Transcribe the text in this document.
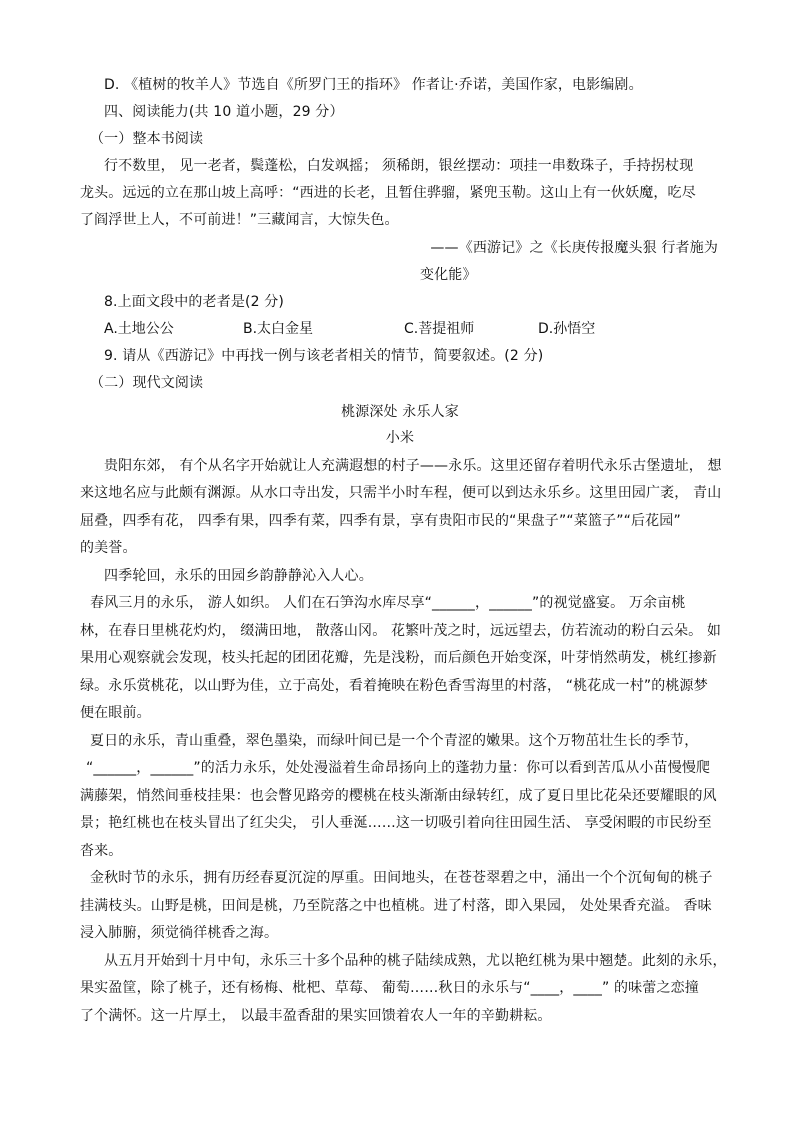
D. 《植树的牧羊人》节选自《所罗门王的指环》 作者让·乔诺，美国作家，电影编剧。
四、阅读能力(共 10 道小题，29 分）
（一）整本书阅读
行不数里， 见一老者，鬓蓬松，白发飒摇； 须稀朗，银丝摆动：项挂一串数珠子，手持拐杖现
龙头。远远的立在那山坡上高呼：“西进的长老，且暂住骅骝，紧兜玉勒。这山上有一伙妖魔，吃尽
了阎浮世上人，不可前进！”三藏闻言，大惊失色。
——《西游记》之《长庚传报魔头狠 行者施为
变化能》
8.上面文段中的老者是(2 分)
A.土地公公	B.太白金星	C.菩提祖师	D.孙悟空
9. 请从《西游记》中再找一例与该老者相关的情节，简要叙述。(2 分)
（二）现代文阅读
桃源深处 永乐人家
小米
贵阳东郊， 有个从名字开始就让人充满遐想的村子——永乐。这里还留存着明代永乐古堡遗址， 想
来这地名应与此颇有渊源。从水口寺出发，只需半小时车程，便可以到达永乐乡。这里田园广袤， 青山
屈叠，四季有花， 四季有果，四季有菜，四季有景，享有贵阳市民的“果盘子”“菜篮子”“后花园”
的美誉。
四季轮回，永乐的田园乡韵静静沁入人心。
春风三月的永乐， 游人如织。 人们在石笋沟水库尽享“______，______”的视觉盛宴。 万余亩桃
林，在春日里桃花灼灼， 缀满田地， 散落山冈。 花繁叶茂之时，远远望去，仿若流动的粉白云朵。 如
果用心观察就会发现，枝头托起的团团花瓣，先是浅粉，而后颜色开始变深，叶芽悄然萌发，桃红掺新
绿。永乐赏桃花，以山野为佳，立于高处，看着掩映在粉色香雪海里的村落， “桃花成一村”的桃源梦
便在眼前。
夏日的永乐，青山重叠，翠色墨染，而绿叶间已是一个个青涩的嫩果。这个万物茁壮生长的季节，
“______，______”的活力永乐，处处漫溢着生命昂扬向上的蓬勃力量：你可以看到苦瓜从小苗慢慢爬
满藤架，悄然间垂枝挂果：也会瞥见路旁的樱桃在枝头渐渐由绿转红，成了夏日里比花朵还要耀眼的风
景；艳红桃也在枝头冒出了红尖尖， 引人垂涎……这一切吸引着向往田园生活、 享受闲暇的市民纷至
沓来。
金秋时节的永乐，拥有历经春夏沉淀的厚重。田间地头，在苍苍翠碧之中，涌出一个个沉甸甸的桃子
挂满枝头。山野是桃，田间是桃，乃至院落之中也植桃。进了村落，即入果园， 处处果香充溢。 香味
浸入肺腑，须觉徜徉桃香之海。
从五月开始到十月中旬，永乐三十多个品种的桃子陆续成熟，尤以艳红桃为果中翘楚。此刻的永乐，
果实盈筐，除了桃子，还有杨梅、枇杷、草莓、 葡萄……秋日的永乐与“____，____” 的味蕾之恋撞
了个满怀。这一片厚土， 以最丰盈香甜的果实回馈着农人一年的辛勤耕耘。
